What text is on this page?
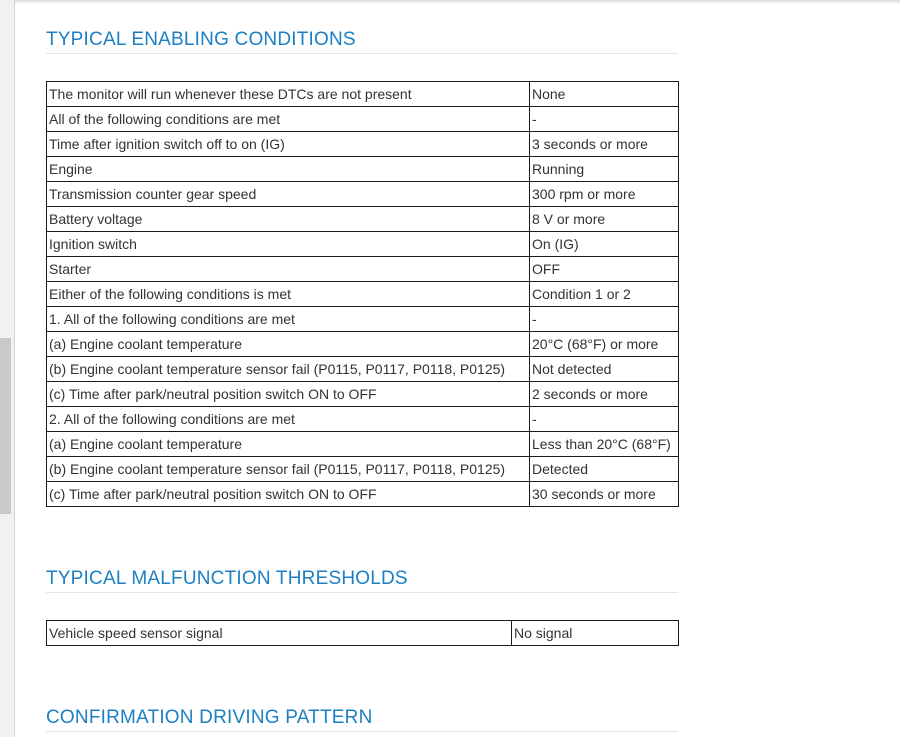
TYPICAL ENABLING CONDITIONS
The monitor will run whenever these DTCs are not present	None
All of the following conditions are met	-
Time after ignition switch off to on (IG)	3 seconds or more
Engine	Running
Transmission counter gear speed	300 rpm or more
Battery voltage	8 V or more
Ignition switch	On (IG)
Starter	OFF
Either of the following conditions is met	Condition 1 or 2
1. All of the following conditions are met	-
(a) Engine coolant temperature	20°C (68°F) or more
(b) Engine coolant temperature sensor fail (P0115, P0117, P0118, P0125)	Not detected
(c) Time after park/neutral position switch ON to OFF	2 seconds or more
2. All of the following conditions are met	-
(a) Engine coolant temperature	Less than 20°C (68°F)
(b) Engine coolant temperature sensor fail (P0115, P0117, P0118, P0125)	Detected
(c) Time after park/neutral position switch ON to OFF	30 seconds or more
TYPICAL MALFUNCTION THRESHOLDS
Vehicle speed sensor signal	No signal
CONFIRMATION DRIVING PATTERN
